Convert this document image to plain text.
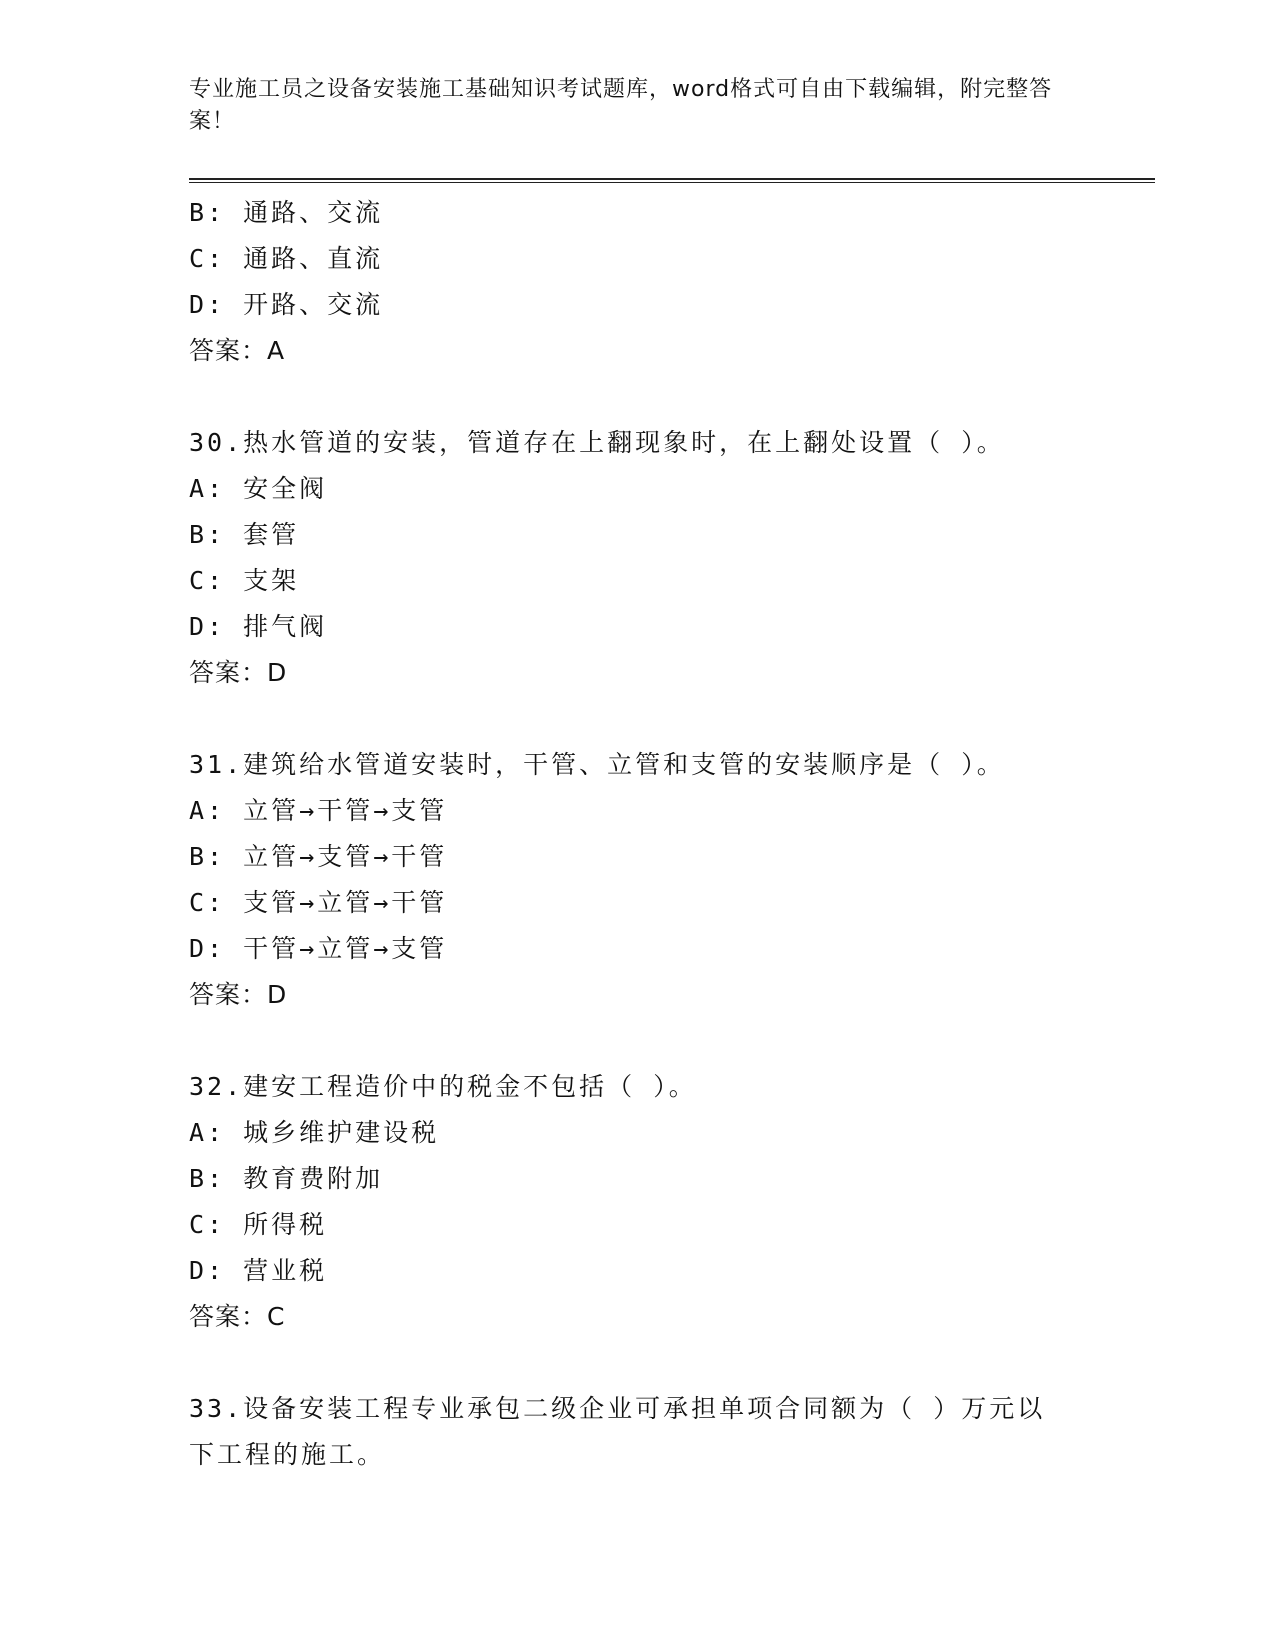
专业施工员之设备安装施工基础知识考试题库，word格式可自由下载编辑，附完整答案！
B: 通路、交流
C: 通路、直流
D: 开路、交流
答案：A
30.热水管道的安装，管道存在上翻现象时，在上翻处设置（ ）。
A: 安全阀
B: 套管
C: 支架
D: 排气阀
答案：D
31.建筑给水管道安装时，干管、立管和支管的安装顺序是（ ）。
A: 立管→干管→支管
B: 立管→支管→干管
C: 支管→立管→干管
D: 干管→立管→支管
答案：D
32.建安工程造价中的税金不包括（ ）。
A: 城乡维护建设税
B: 教育费附加
C: 所得税
D: 营业税
答案：C
33.设备安装工程专业承包二级企业可承担单项合同额为（ ）万元以下工程的施工。
